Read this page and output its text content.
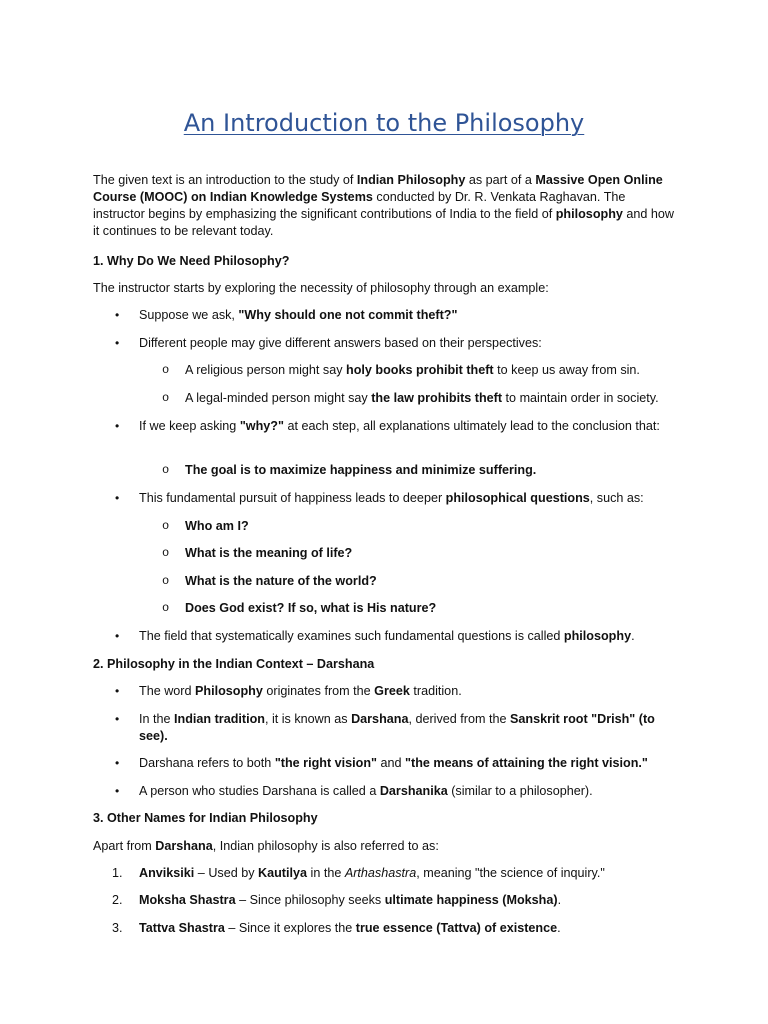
An Introduction to the Philosophy

The given text is an introduction to the study of Indian Philosophy as part of a Massive Open Online Course (MOOC) on Indian Knowledge Systems conducted by Dr. R. Venkata Raghavan. The instructor begins by emphasizing the significant contributions of India to the field of philosophy and how it continues to be relevant today.

1. Why Do We Need Philosophy?

The instructor starts by exploring the necessity of philosophy through an example:

•	Suppose we ask, "Why should one not commit theft?"

•	Different people may give different answers based on their perspectives:

o A religious person might say holy books prohibit theft to keep us away from sin.

o A legal-minded person might say the law prohibits theft to maintain order in society.

•	If we keep asking "why?" at each step, all explanations ultimately lead to the conclusion that:

o The goal is to maximize happiness and minimize suffering.

•	This fundamental pursuit of happiness leads to deeper philosophical questions, such as:

o Who am I?

o What is the meaning of life?

o What is the nature of the world?

o Does God exist? If so, what is His nature?

•	The field that systematically examines such fundamental questions is called philosophy.

2. Philosophy in the Indian Context – Darshana

•	The word Philosophy originates from the Greek tradition.

•	In the Indian tradition, it is known as Darshana, derived from the Sanskrit root "Drish" (to see).

•	Darshana refers to both "the right vision" and "the means of attaining the right vision."

•	A person who studies Darshana is called a Darshanika (similar to a philosopher).

3. Other Names for Indian Philosophy

Apart from Darshana, Indian philosophy is also referred to as:

1.	Anviksiki – Used by Kautilya in the Arthashastra, meaning "the science of inquiry."

2.	Moksha Shastra – Since philosophy seeks ultimate happiness (Moksha).

3.	Tattva Shastra – Since it explores the true essence (Tattva) of existence.
